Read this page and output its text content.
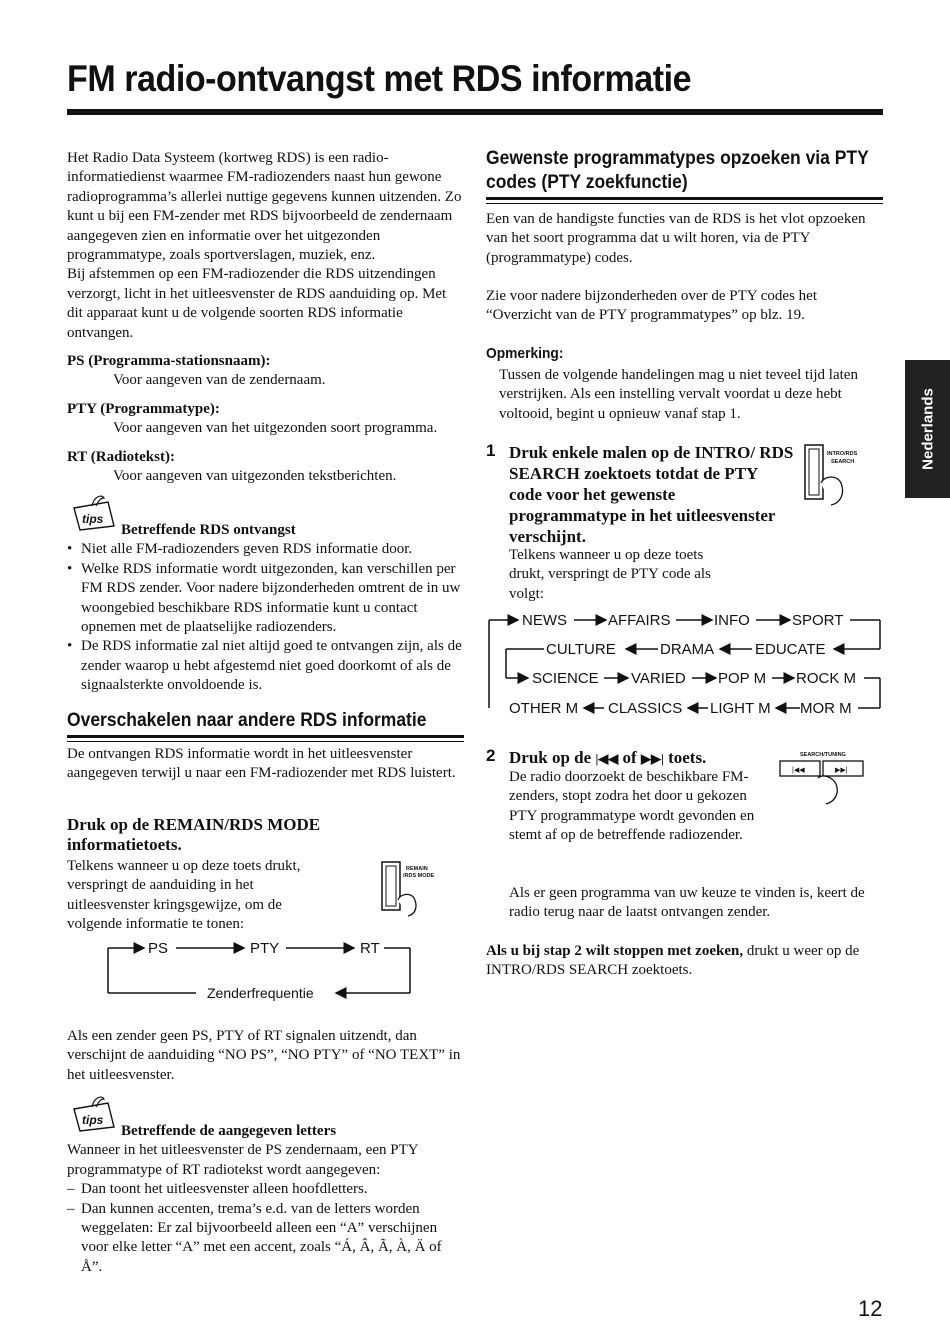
FM radio-ontvangst met RDS informatie
Nederlands
Het Radio Data Systeem (kortweg RDS) is een radio-informatiedienst waarmee FM-radiozenders naast hun gewone radioprogramma’s allerlei nuttige gegevens kunnen uitzenden. Zo kunt u bij een FM-zender met RDS bijvoorbeeld de zendernaam aangegeven zien en informatie over het uitgezonden programmatype, zoals sportverslagen, muziek, enz.
Bij afstemmen op een FM-radiozender die RDS uitzendingen verzorgt, licht in het uitleesvenster de RDS aanduiding op. Met dit apparaat kunt u de volgende soorten RDS informatie ontvangen.
PS (Programma-stationsnaam):
Voor aangeven van de zendernaam.
PTY (Programmatype):
Voor aangeven van het uitgezonden soort programma.
RT (Radiotekst):
Voor aangeven van uitgezonden tekstberichten.
tips
Betreffende RDS ontvangst
• Niet alle FM-radiozenders geven RDS informatie door.
• Welke RDS informatie wordt uitgezonden, kan verschillen per FM RDS zender. Voor nadere bijzonderheden omtrent de in uw woongebied beschikbare RDS informatie kunt u contact opnemen met de plaatselijke radiozenders.
• De RDS informatie zal niet altijd goed te ontvangen zijn, als de zender waarop u hebt afgestemd niet goed doorkomt of als de signaalsterkte onvoldoende is.
Overschakelen naar andere RDS informatie
De ontvangen RDS informatie wordt in het uitleesvenster aangegeven terwijl u naar een FM-radiozender met RDS luistert.
Druk op de REMAIN/RDS MODE informatietoets.
Telkens wanneer u op deze toets drukt, verspringt de aanduiding in het uitleesvenster kringsgewijze, om de volgende informatie te tonen:
REMAIN
/RDS MODE
PS	PTY	RT
Zenderfrequentie
Als een zender geen PS, PTY of RT signalen uitzendt, dan verschijnt de aanduiding “NO PS”, “NO PTY” of “NO TEXT” in het uitleesvenster.
tips
Betreffende de aangegeven letters
Wanneer in het uitleesvenster de PS zendernaam, een PTY programmatype of RT radiotekst wordt aangegeven:
– Dan toont het uitleesvenster alleen hoofdletters.
– Dan kunnen accenten, trema’s e.d. van de letters worden weggelaten: Er zal bijvoorbeeld alleen een “A” verschijnen voor elke letter “A” met een accent, zoals “Á, Â, Ã, À, Ä of Å”.
Gewenste programmatypes opzoeken via PTY
codes (PTY zoekfunctie)
Een van de handigste functies van de RDS is het vlot opzoeken van het soort programma dat u wilt horen, via de PTY (programmatype) codes.
Zie voor nadere bijzonderheden over de PTY codes het “Overzicht van de PTY programmatypes” op blz. 19.
Opmerking:
Tussen de volgende handelingen mag u niet teveel tijd laten verstrijken. Als een instelling vervalt voordat u deze hebt voltooid, begint u opnieuw vanaf stap 1.
1 Druk enkele malen op de INTRO/ RDS SEARCH zoektoets totdat de PTY code voor het gewenste programmatype in het uitleesvenster verschijnt.
Telkens wanneer u op deze toets drukt, verspringt de PTY code als volgt:
INTRO/RDS
SEARCH
NEWS	AFFAIRS	INFO	SPORT
CULTURE	DRAMA	EDUCATE
SCIENCE VARIED POP M ROCK M
OTHER M CLASSICS LIGHT M MOR M
2 Druk op de |◀◀ of ▶▶| toets.	SEARCH/TUNING
|◀◀	▶▶|
De radio doorzoekt de beschikbare FM-zenders, stopt zodra het door u gekozen PTY programmatype wordt gevonden en stemt af op de betreffende radiozender.
Als er geen programma van uw keuze te vinden is, keert de radio terug naar de laatst ontvangen zender.
Als u bij stap 2 wilt stoppen met zoeken, drukt u weer op de INTRO/RDS SEARCH zoektoets.
12
